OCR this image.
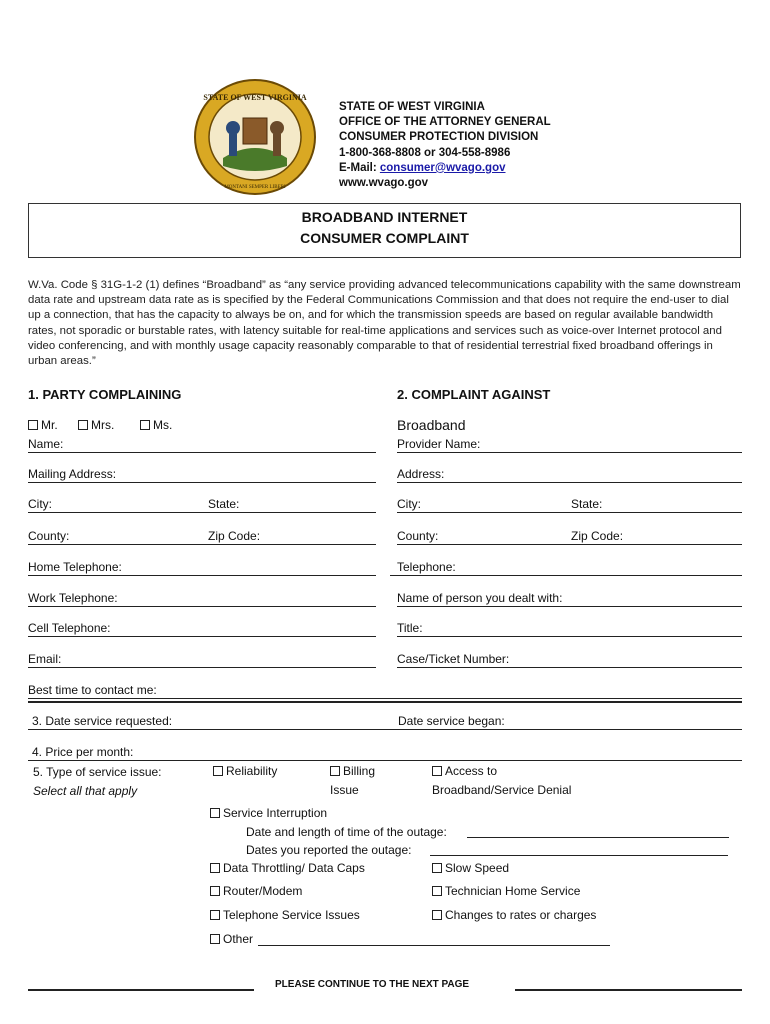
STATE OF WEST VIRGINIA
MONTANI SEMPER LIBERI
STATE OF WEST VIRGINIA
OFFICE OF THE ATTORNEY GENERAL
CONSUMER PROTECTION DIVISION
1-800-368-8808 or 304-558-8986
E-Mail: consumer@wvago.gov
www.wvago.gov
BROADBAND INTERNET
CONSUMER COMPLAINT
W.Va. Code § 31G-1-2 (1) defines “Broadband” as “any service providing advanced telecommunications capability with the same downstream data rate and upstream data rate as is specified by the Federal Communications Commission and that does not require the end-user to dial up a connection, that has the capacity to always be on, and for which the transmission speeds are based on regular available bandwidth rates, not sporadic or burstable rates, with latency suitable for real-time applications and services such as voice-over Internet protocol and video conferencing, and with monthly usage capacity reasonably comparable to that of residential terrestrial fixed broadband offerings in urban areas.”
1. PARTY COMPLAINING	2. COMPLAINT AGAINST
Mr.	Mrs.	Ms.	Broadband
Name:
Mailing Address:
City:	State:
County:	Zip Code:
Home Telephone:
Work Telephone:
Cell Telephone:
Email:
Best time to contact me:
Provider Name:
Address:
City:	State:
County:	Zip Code:
Telephone:
Name of person you dealt with:
Title:
Case/Ticket Number:
3. Date service requested:	Date service began:
4. Price per month:
5. Type of service issue:
Select all that apply
Reliability	Billing
Issue
Access to
Broadband/Service Denial
Service Interruption
Date and length of time of the outage:
Dates you reported the outage:
Data Throttling/ Data Caps	Slow Speed
Router/Modem	Technician Home Service
Telephone Service Issues	Changes to rates or charges
Other
PLEASE CONTINUE TO THE NEXT PAGE
